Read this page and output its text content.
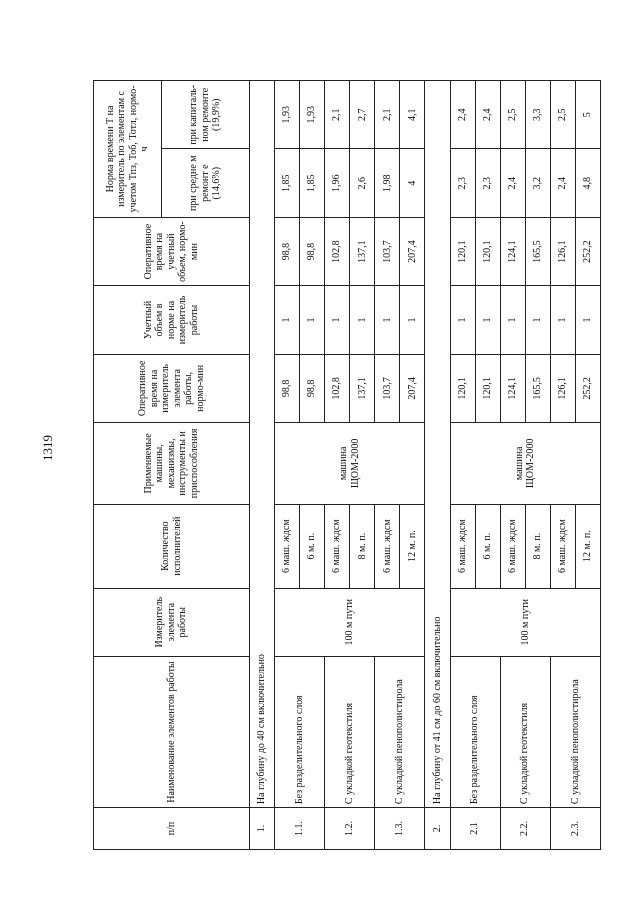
1319
п/п	Наименование элементов работы	Измеритель элемента работы	Количество исполнителей	Применяемые машины, механизмы, инструменты и приспособления	Оперативное время на измеритель элемента работы, нормо-мин	Учетный объем в норме на измеритель работы	Оперативное время на учетный объем, нормо-мин	Норма времени Т на измеритель по элементам с учетом Тпз, Тоб, Тотл, нормо-ч	
								при средне м ремонт е (14,6%)	при капиталь-ном ремонте (19,9%)
1.	На глубину до 40 см включительно								
1.1.	Без разделительного слоя	100 м пути	6 маш. ждсм	машина ЩОМ-2000	98,8	1	98,8	1,85	1,93
			6 м. п.		98,8	1	98,8	1,85	1,93
1.2.	С укладкой геотекстиля		6 маш. ждсм		102,8	1	102,8	1,96	2,1
			8 м. п.		137,1	1	137,1	2,6	2,7
1.3.	С укладкой пенополистирола		6 маш. ждсм		103,7	1	103,7	1,98	2,1
			12 м. п.		207,4	1	207,4	4	4,1
2.	На глубину от 41 см до 60 см включительно								
2.1	Без разделительного слоя	100 м пути	6 маш. ждсм	машина ЩОМ-2000	120,1	1	120,1	2,3	2,4
			6 м. п.		120,1	1	120,1	2,3	2,4
2.2.	С укладкой геотекстиля		6 маш. ждсм		124,1	1	124,1	2,4	2,5
			8 м. п.		165,5	1	165,5	3,2	3,3
2.3.	С укладкой пенополистирола		6 маш. ждсм		126,1	1	126,1	2,4	2,5
			12 м. п.		252,2	1	252,2	4,8	5
